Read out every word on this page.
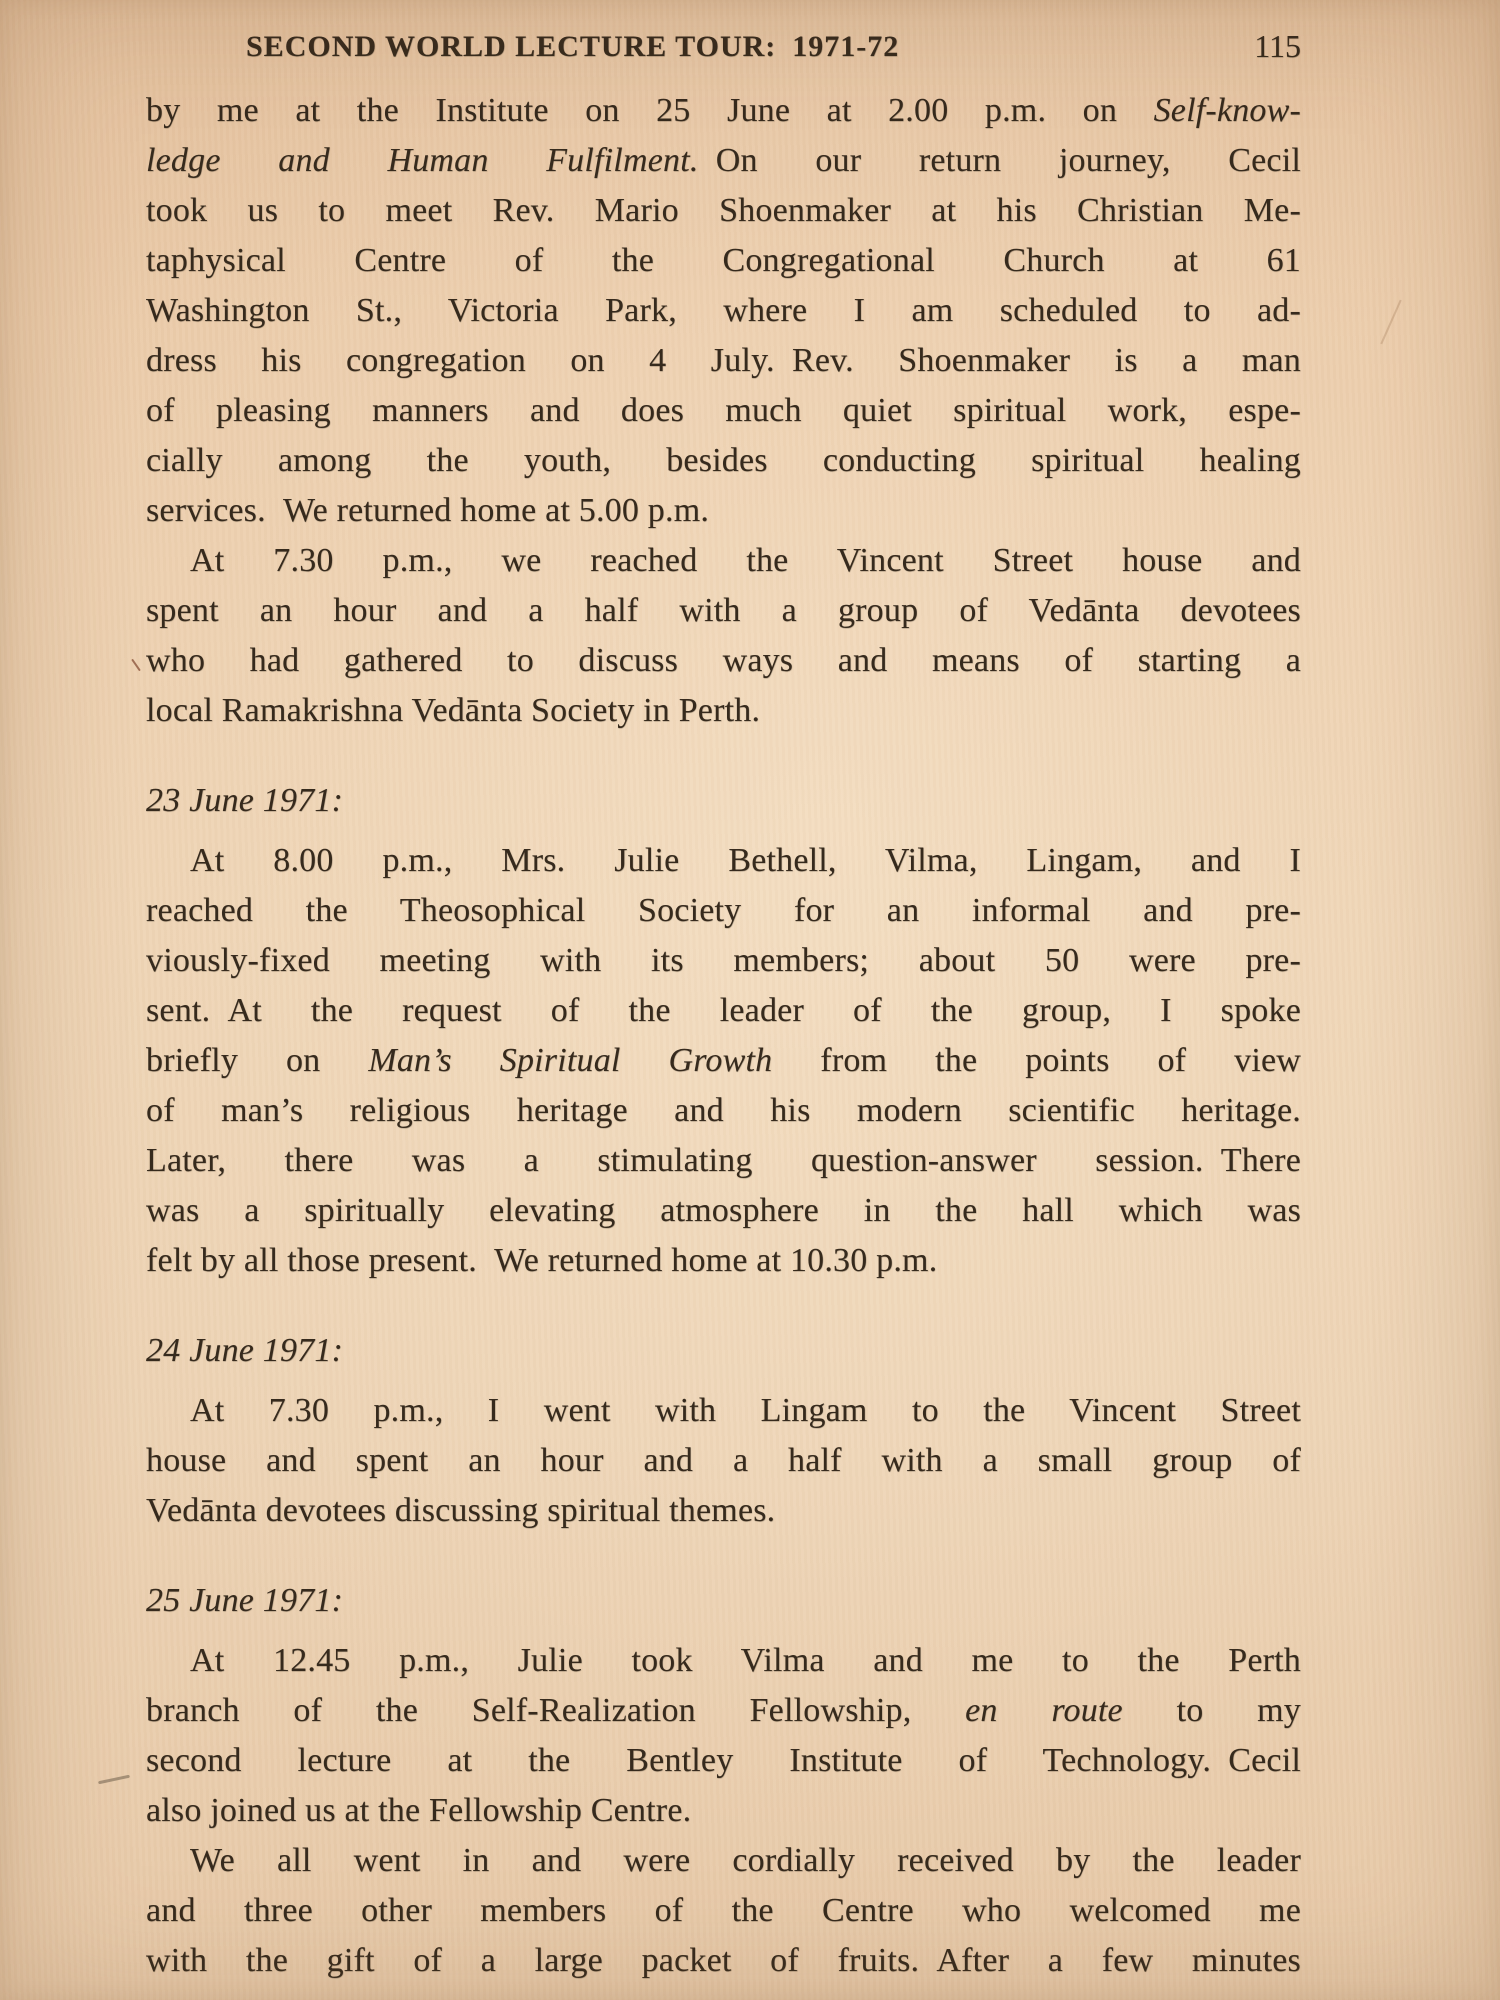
SECOND WORLD LECTURE TOUR: 1971-72	115
by me at the Institute on 25 June at 2.00 p.m. on Self-know-
ledge and Human Fulfilment. On our return journey, Cecil
took us to meet Rev. Mario Shoenmaker at his Christian Me-
taphysical Centre of the Congregational Church at 61
Washington St., Victoria Park, where I am scheduled to ad-
dress his congregation on 4 July. Rev. Shoenmaker is a man
of pleasing manners and does much quiet spiritual work, espe-
cially among the youth, besides conducting spiritual healing
services. We returned home at 5.00 p.m.
At 7.30 p.m., we reached the Vincent Street house and
spent an hour and a half with a group of Vedānta devotees
who had gathered to discuss ways and means of starting a
local Ramakrishna Vedānta Society in Perth.
23 June 1971:
At 8.00 p.m., Mrs. Julie Bethell, Vilma, Lingam, and I
reached the Theosophical Society for an informal and pre-
viously-fixed meeting with its members; about 50 were pre-
sent. At the request of the leader of the group, I spoke
briefly on Man’s Spiritual Growth from the points of view
of man’s religious heritage and his modern scientific heritage.
Later, there was a stimulating question-answer session. There
was a spiritually elevating atmosphere in the hall which was
felt by all those present. We returned home at 10.30 p.m.
24 June 1971:
At 7.30 p.m., I went with Lingam to the Vincent Street
house and spent an hour and a half with a small group of
Vedānta devotees discussing spiritual themes.
25 June 1971:
At 12.45 p.m., Julie took Vilma and me to the Perth
branch of the Self-Realization Fellowship, en route to my
second lecture at the Bentley Institute of Technology. Cecil
also joined us at the Fellowship Centre.
We all went in and were cordially received by the leader
and three other members of the Centre who welcomed me
with the gift of a large packet of fruits. After a few minutes
